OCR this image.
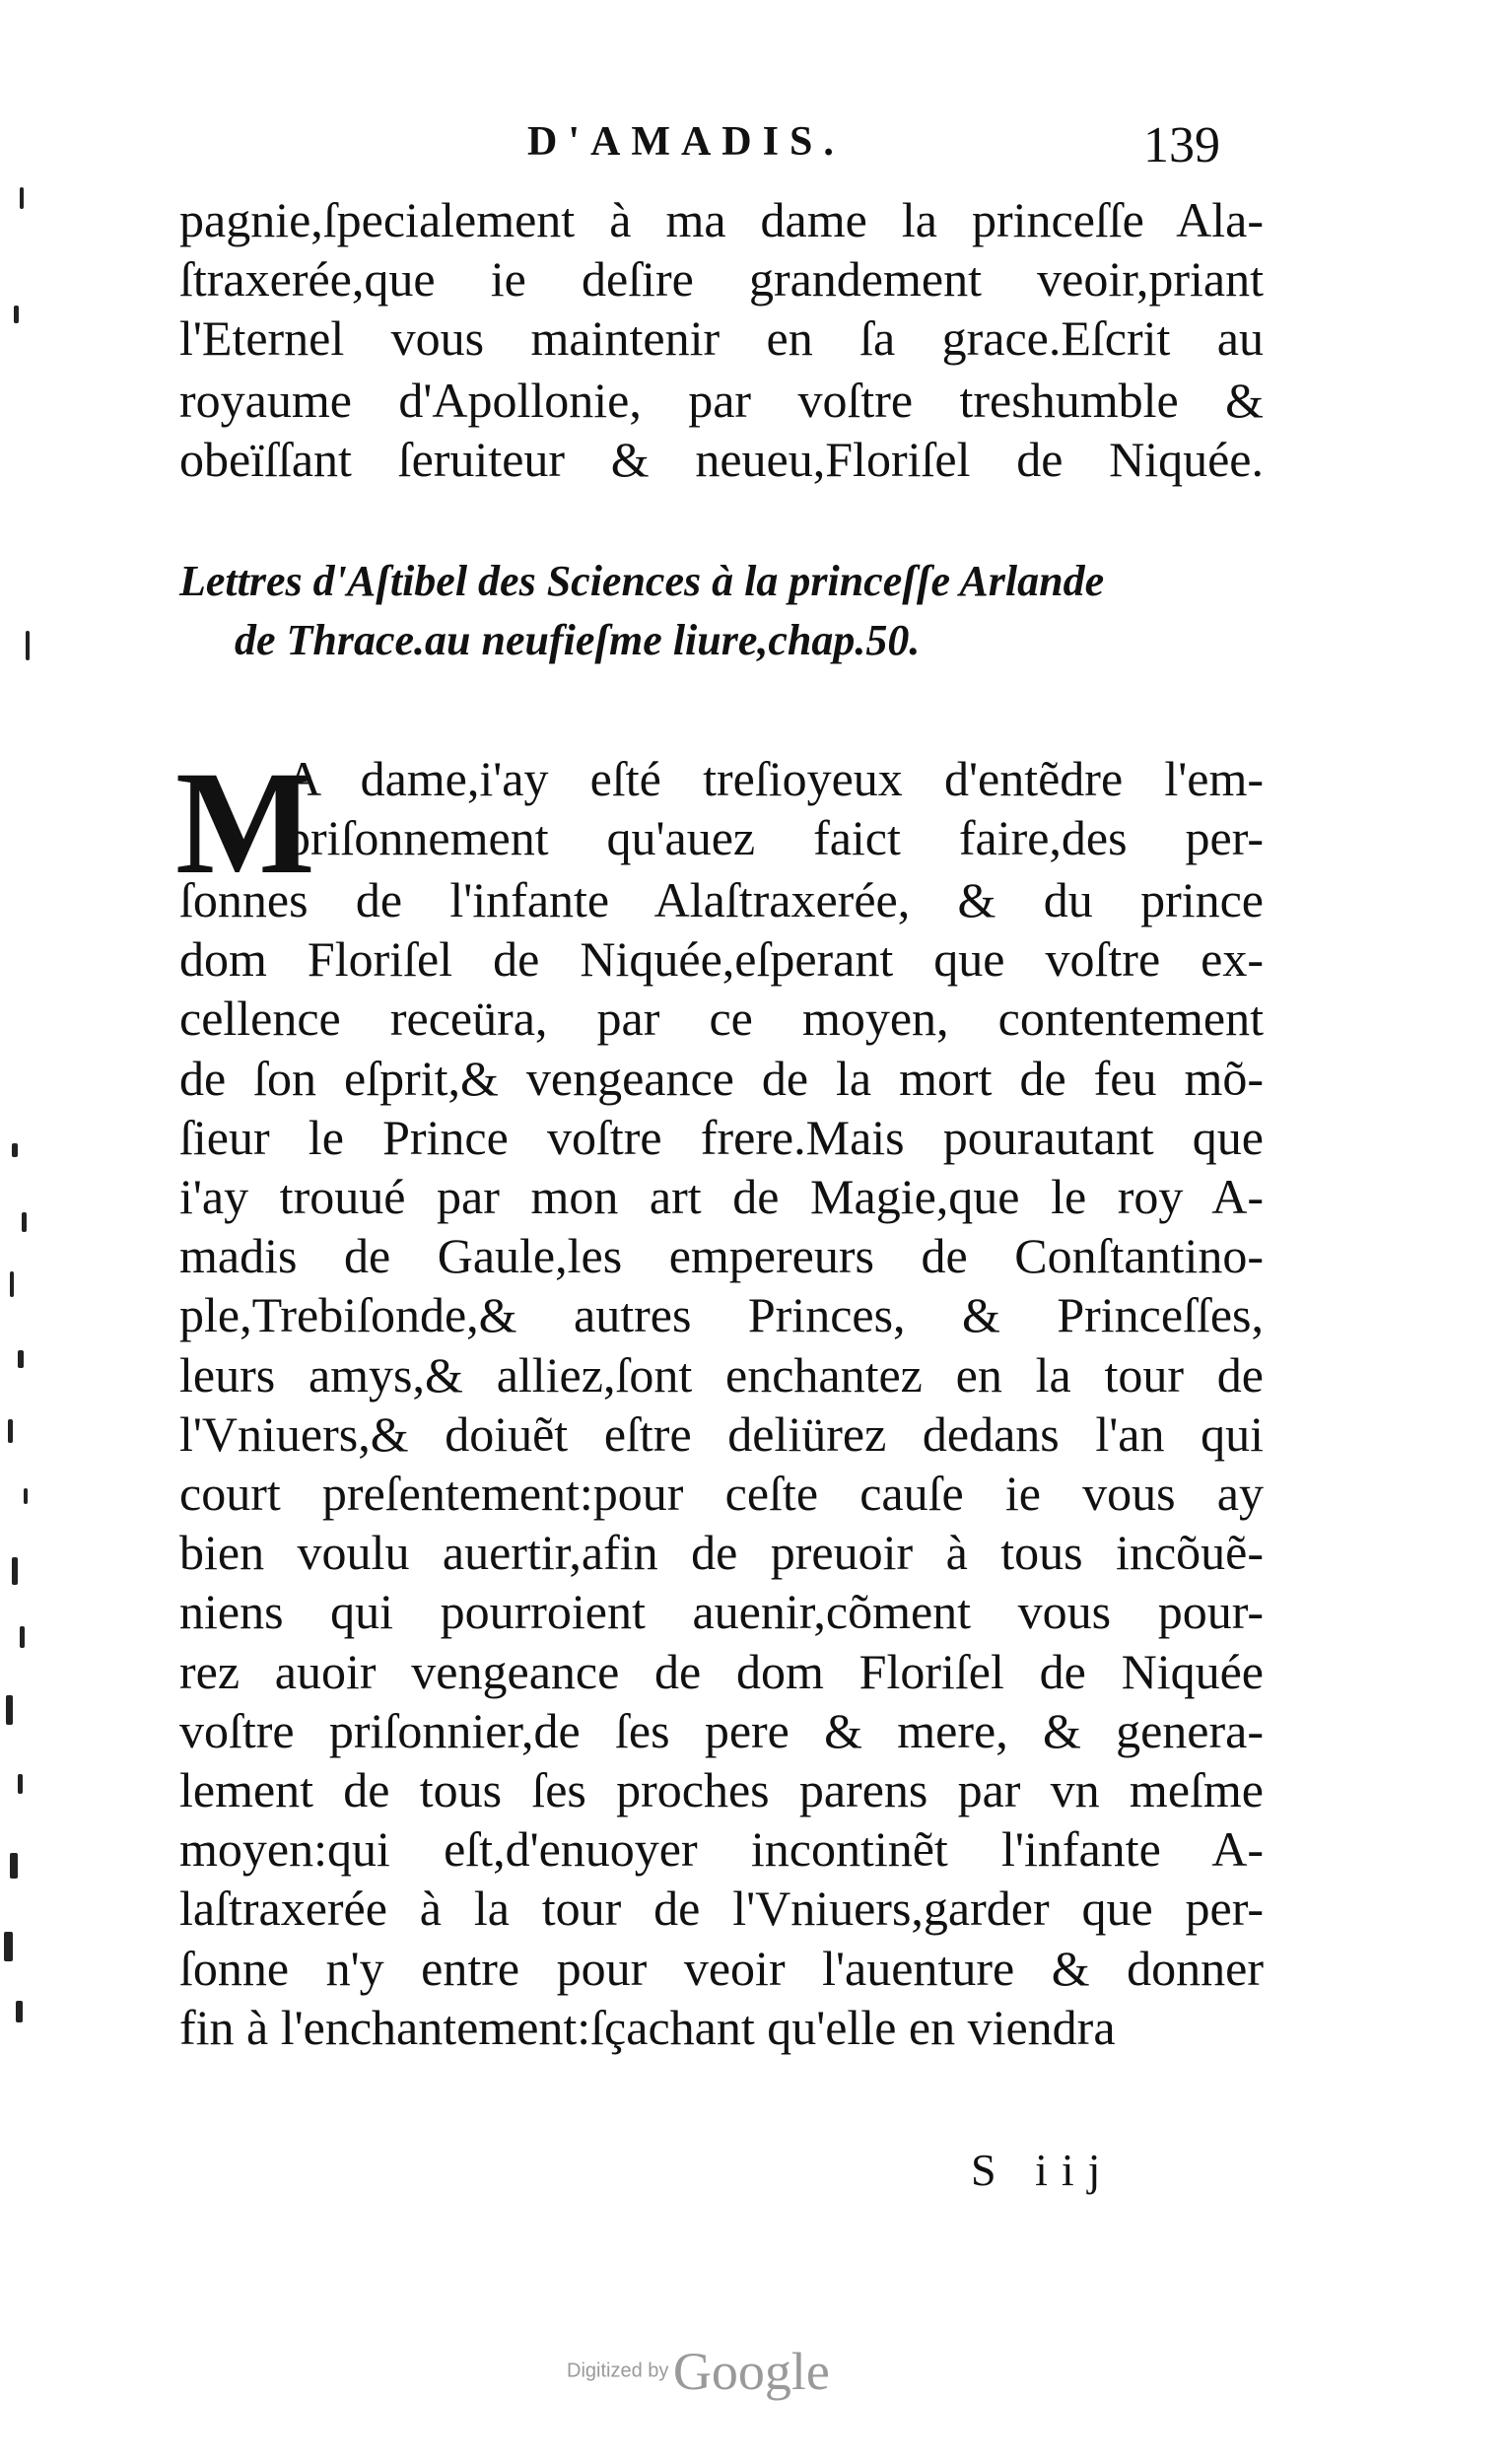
D'AMADIS.	139
pagnie,ſpecialement à ma dame la princeſſe Ala-
ſtraxerée,que ie deſire grandement veoir,priant
l'Eternel vous maintenir en ſa grace.Eſcrit au
royaume d'Apollonie, par voſtre treshumble &
obeïſſant ſeruiteur & neueu,Floriſel de Niquée.
Lettres d'Aſtibel des Sciences à la princeſſe Arlande
de Thrace.au neufieſme liure,chap.50.
M
A dame,i'ay eſté treſioyeux d'entẽdre l'em-
priſonnement qu'auez faict faire,des per-
ſonnes de l'infante Alaſtraxerée, & du prince
dom Floriſel de Niquée,eſperant que voſtre ex-
cellence receüra, par ce moyen, contentement
de ſon eſprit,& vengeance de la mort de feu mõ-
ſieur le Prince voſtre frere.Mais pourautant que
i'ay trouué par mon art de Magie,que le roy A-
madis de Gaule,les empereurs de Conſtantino-
ple,Trebiſonde,& autres Princes, & Princeſſes,
leurs amys,& alliez,ſont enchantez en la tour de
l'Vniuers,& doiuẽt eſtre deliürez dedans l'an qui
court preſentement:pour ceſte cauſe ie vous ay
bien voulu auertir,afin de preuoir à tous incõuẽ-
niens qui pourroient auenir,cõment vous pour-
rez auoir vengeance de dom Floriſel de Niquée
voſtre priſonnier,de ſes pere & mere, & genera-
lement de tous ſes proches parens par vn meſme
moyen:qui eſt,d'enuoyer incontinẽt l'infante A-
laſtraxerée à la tour de l'Vniuers,garder que per-
ſonne n'y entre pour veoir l'auenture & donner
fin à l'enchantement:ſçachant qu'elle en viendra
S iij
Digitized by Google
